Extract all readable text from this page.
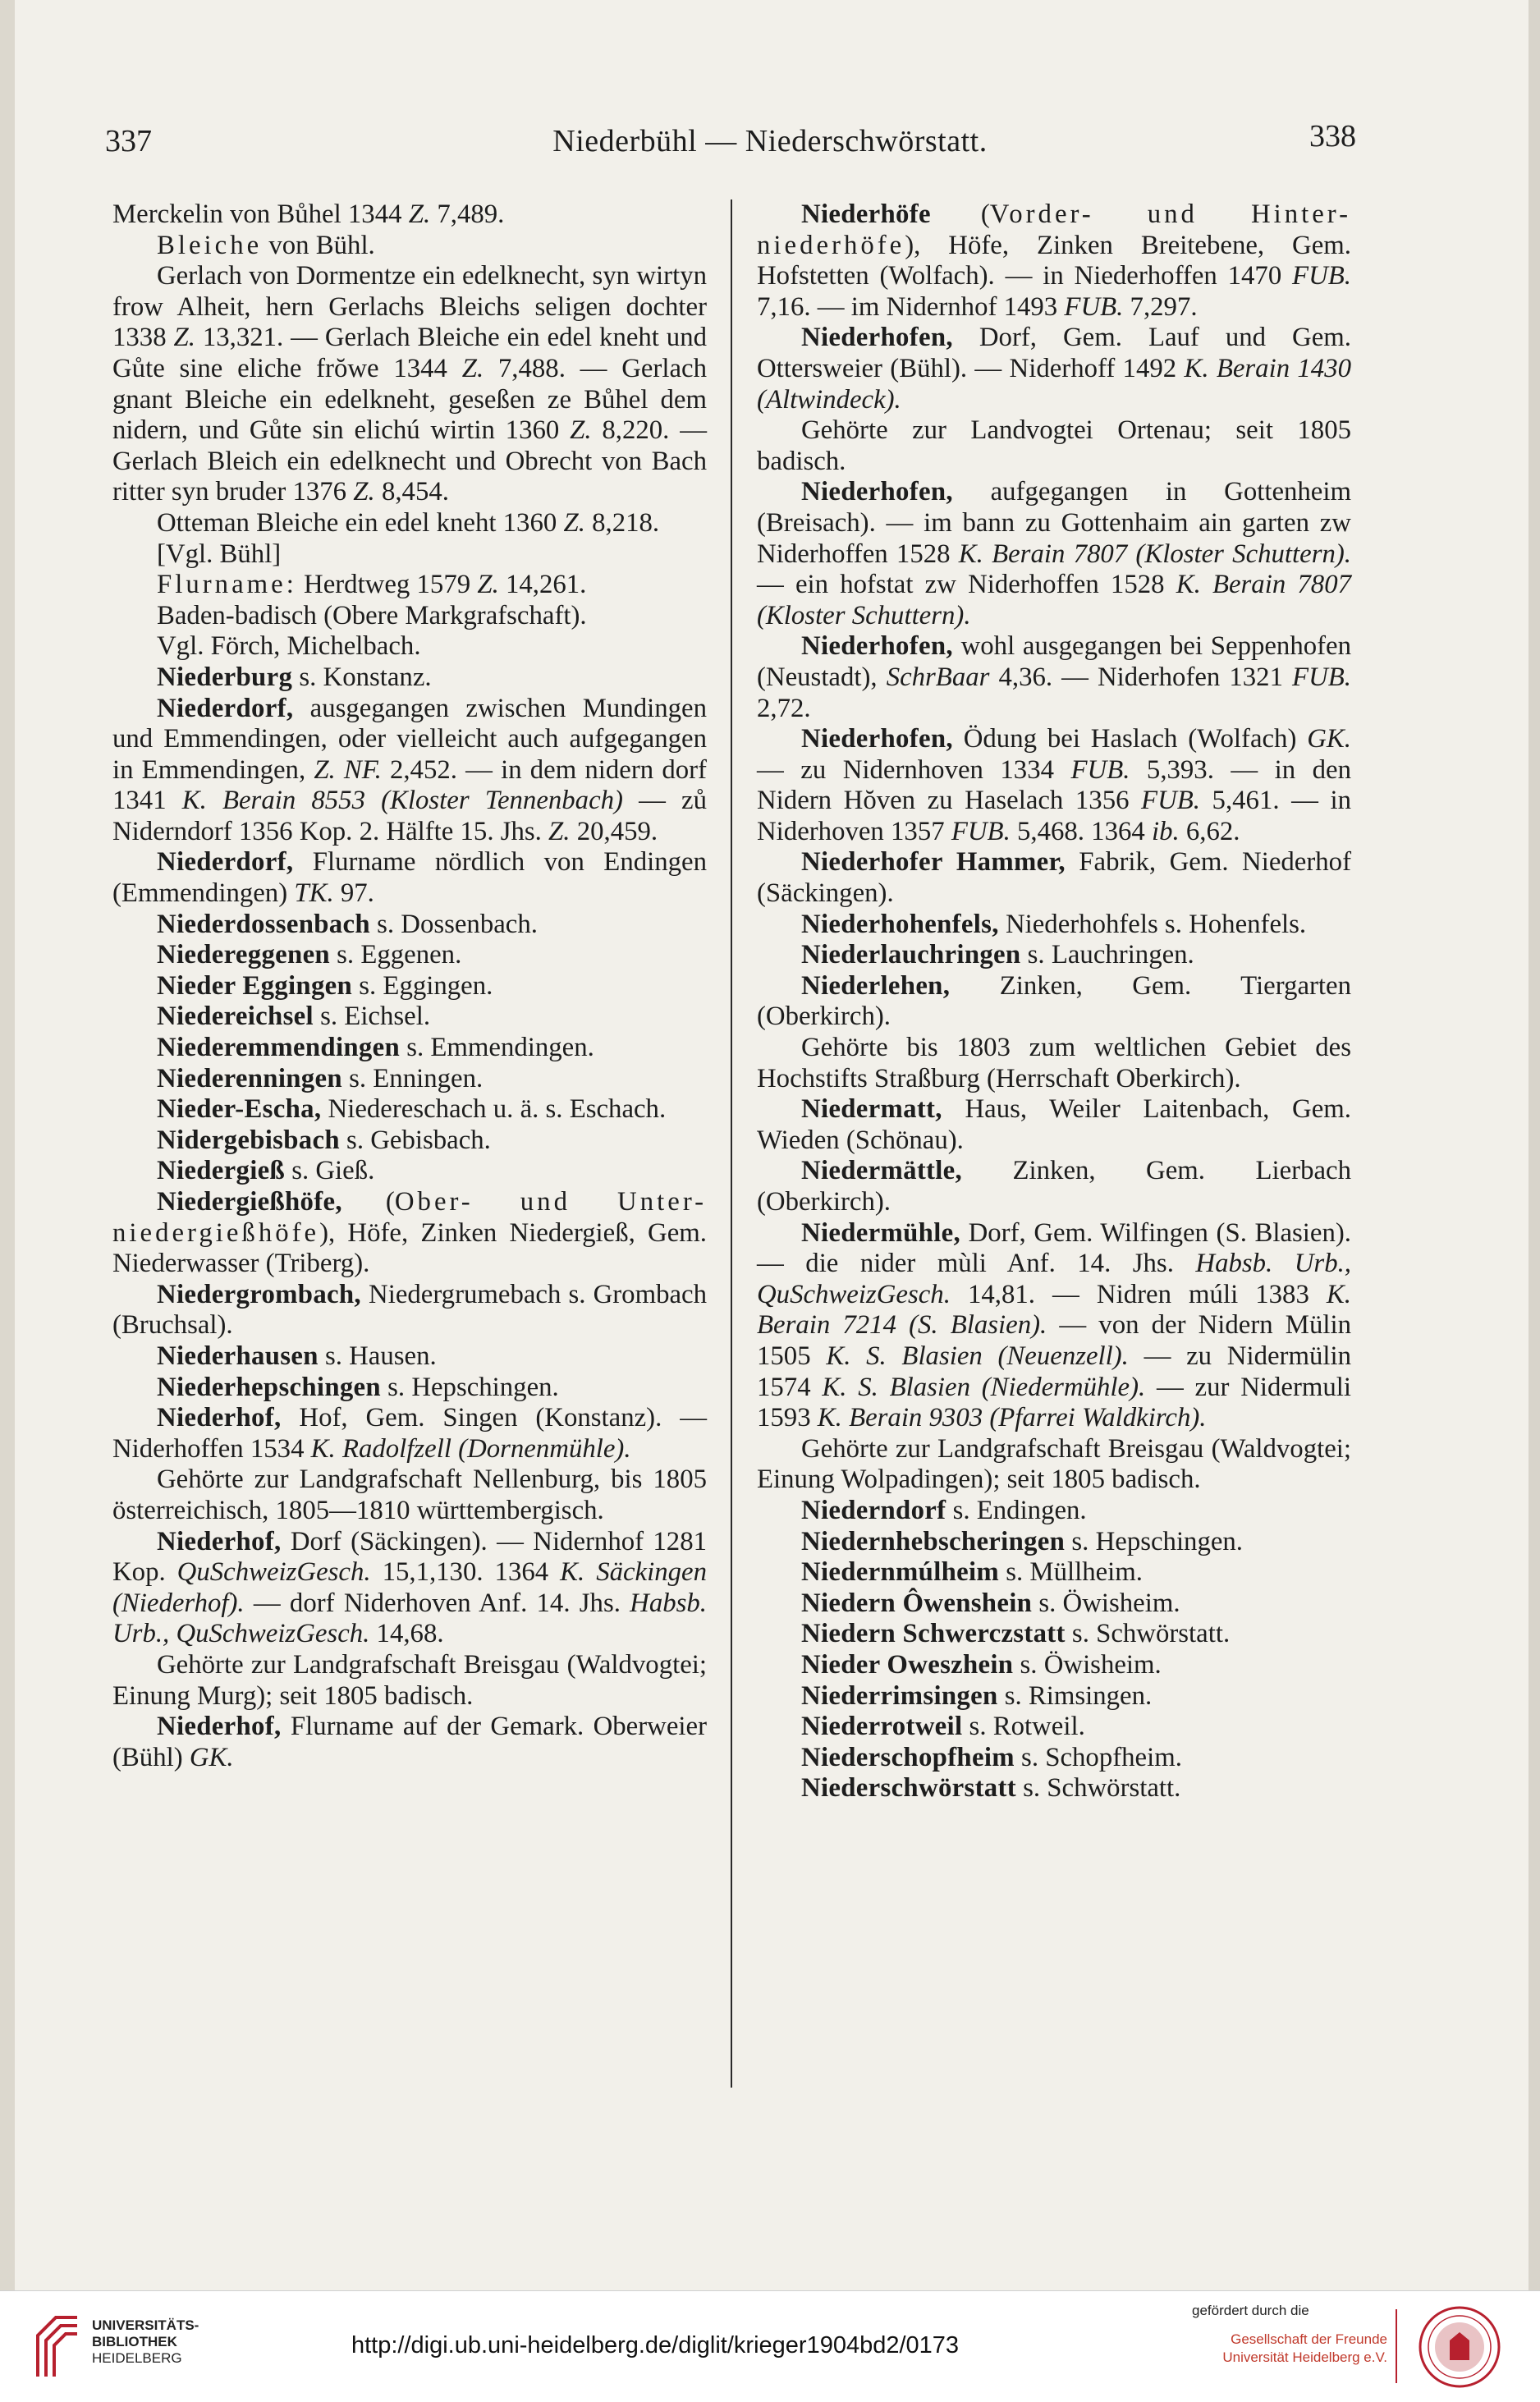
337	Niederbühl — Niederschwörstatt.	338

Merckelin von Bůhel 1344 Z. 7,489.

Bleiche von Bühl.

Gerlach von Dormentze ein edelknecht, syn wirtyn frow Alheit, hern Gerlachs Bleichs seligen dochter 1338 Z. 13,321. — Gerlach Bleiche ein edel kneht und Gůte sine eliche frŏwe 1344 Z. 7,488. — Gerlach gnant Bleiche ein edelkneht, geseßen ze Bůhel dem nidern, und Gůte sin elichú wirtin 1360 Z. 8,220. — Gerlach Bleich ein edelknecht und Obrecht von Bach ritter syn bruder 1376 Z. 8,454.

Otteman Bleiche ein edel kneht 1360 Z. 8,218.

[Vgl. Bühl]

Flurname: Herdtweg 1579 Z. 14,261.

Baden-badisch (Obere Markgrafschaft).

Vgl. Förch, Michelbach.

Niederburg s. Konstanz.

Niederdorf, ausgegangen zwischen Mundingen und Emmendingen, oder vielleicht auch aufgegangen in Emmendingen, Z. NF. 2,452. — in dem nidern dorf 1341 K. Berain 8553 (Kloster Tennenbach) — zů Niderndorf 1356 Kop. 2. Hälfte 15. Jhs. Z. 20,459.

Niederdorf, Flurname nördlich von Endingen (Emmendingen) TK. 97.

Niederdossenbach s. Dossenbach.

Niedereggenen s. Eggenen.

Nieder Eggingen s. Eggingen.

Niedereichsel s. Eichsel.

Niederemmendingen s. Emmendingen.

Niederenningen s. Enningen.

Nieder-Escha, Niedereschach u. ä. s. Eschach.

Nidergebisbach s. Gebisbach.

Niedergieß s. Gieß.

Niedergießhöfe, (Ober- und Unter-niedergießhöfe), Höfe, Zinken Niedergieß, Gem. Niederwasser (Triberg).

Niedergrombach, Niedergrumebach s. Grombach (Bruchsal).

Niederhausen s. Hausen.

Niederhepschingen s. Hepschingen.

Niederhof, Hof, Gem. Singen (Konstanz). — Niderhoffen 1534 K. Radolfzell (Dornenmühle).

Gehörte zur Landgrafschaft Nellenburg, bis 1805 österreichisch, 1805—1810 württembergisch.

Niederhof, Dorf (Säckingen). — Nidernhof 1281 Kop. QuSchweizGesch. 15,1,130. 1364 K. Säckingen (Niederhof). — dorf Niderhoven Anf. 14. Jhs. Habsb. Urb., QuSchweizGesch. 14,68.

Gehörte zur Landgrafschaft Breisgau (Waldvogtei; Einung Murg); seit 1805 badisch.

Niederhof, Flurname auf der Gemark. Oberweier (Bühl) GK.

Niederhöfe (Vorder- und Hinter-niederhöfe), Höfe, Zinken Breitebene, Gem. Hofstetten (Wolfach). — in Niederhoffen 1470 FUB. 7,16. — im Nidernhof 1493 FUB. 7,297.

Niederhofen, Dorf, Gem. Lauf und Gem. Ottersweier (Bühl). — Niderhoff 1492 K. Berain 1430 (Altwindeck).

Gehörte zur Landvogtei Ortenau; seit 1805 badisch.

Niederhofen, aufgegangen in Gottenheim (Breisach). — im bann zu Gottenhaim ain garten zw Niderhoffen 1528 K. Berain 7807 (Kloster Schuttern). — ein hofstat zw Niderhoffen 1528 K. Berain 7807 (Kloster Schuttern).

Niederhofen, wohl ausgegangen bei Seppenhofen (Neustadt), SchrBaar 4,36. — Niderhofen 1321 FUB. 2,72.

Niederhofen, Ödung bei Haslach (Wolfach) GK. — zu Nidernhoven 1334 FUB. 5,393. — in den Nidern Hŏven zu Haselach 1356 FUB. 5,461. — in Niderhoven 1357 FUB. 5,468. 1364 ib. 6,62.

Niederhofer Hammer, Fabrik, Gem. Niederhof (Säckingen).

Niederhohenfels, Niederhohfels s. Hohenfels.

Niederlauchringen s. Lauchringen.

Niederlehen, Zinken, Gem. Tiergarten (Oberkirch).

Gehörte bis 1803 zum weltlichen Gebiet des Hochstifts Straßburg (Herrschaft Oberkirch).

Niedermatt, Haus, Weiler Laitenbach, Gem. Wieden (Schönau).

Niedermättle, Zinken, Gem. Lierbach (Oberkirch).

Niedermühle, Dorf, Gem. Wilfingen (S. Blasien). — die nider mùli Anf. 14. Jhs. Habsb. Urb., QuSchweizGesch. 14,81. — Nidren múli 1383 K. Berain 7214 (S. Blasien). — von der Nidern Mülin 1505 K. S. Blasien (Neuenzell). — zu Nidermülin 1574 K. S. Blasien (Niedermühle). — zur Nidermuli 1593 K. Berain 9303 (Pfarrei Waldkirch).

Gehörte zur Landgrafschaft Breisgau (Waldvogtei; Einung Wolpadingen); seit 1805 badisch.

Niederndorf s. Endingen.

Niedernhebscheringen s. Hepschingen.

Niedernmúlheim s. Müllheim.

Niedern Ôwenshein s. Öwisheim.

Niedern Schwerczstatt s. Schwörstatt.

Nieder Oweszhein s. Öwisheim.

Niederrimsingen s. Rimsingen.

Niederrotweil s. Rotweil.

Niederschopfheim s. Schopfheim.

Niederschwörstatt s. Schwörstatt.

UNIVERSITÄTS-
BIBLIOTHEK
HEIDELBERG	http://digi.ub.uni-heidelberg.de/diglit/krieger1904bd2/0173
gefördert durch die
Gesellschaft der Freunde
Universität Heidelberg e.V.
